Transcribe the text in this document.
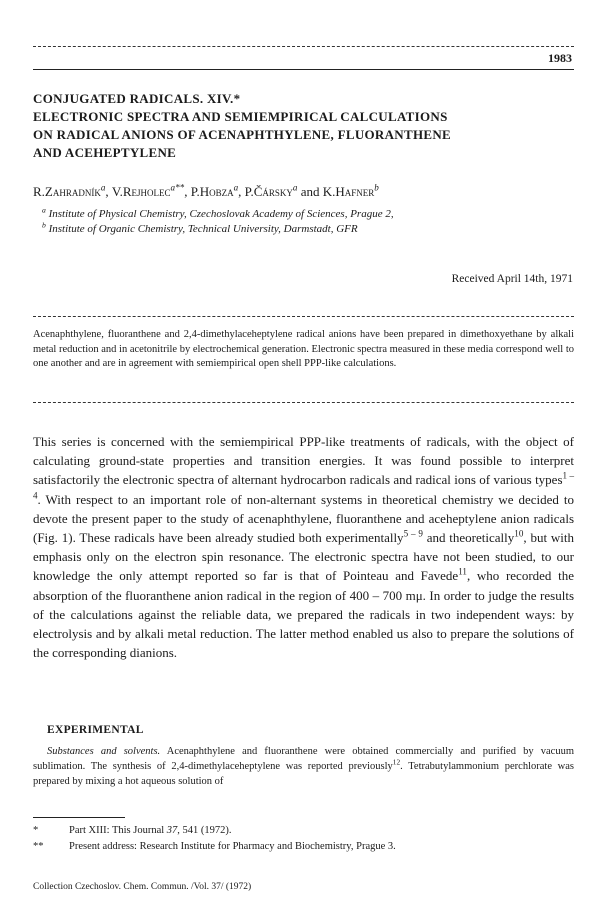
1983
CONJUGATED RADICALS. XIV.*
ELECTRONIC SPECTRA AND SEMIEMPIRICAL CALCULATIONS
ON RADICAL ANIONS OF ACENAPHTHYLENE, FLUORANTHENE
AND ACEHEPTYLENE
R.Zahradník$^a$, V.Rejholec$^{a**}$, P.Hobza$^a$, P.Čársky$^a$ and K.Hafner$^b$
$^a$ Institute of Physical Chemistry, Czechoslovak Academy of Sciences, Prague 2,
$^b$ Institute of Organic Chemistry, Technical University, Darmstadt, GFR
Received April 14th, 1971
Acenaphthylene, fluoranthene and 2,4-dimethylaceheptylene radical anions have been prepared in dimethoxyethane by alkali metal reduction and in acetonitrile by electrochemical generation. Electronic spectra measured in these media correspond well to one another and are in agreement with semiempirical open shell PPP-like calculations.

This series is concerned with the semiempirical PPP-like treatments of radicals, with the object of calculating ground-state properties and transition energies. It was found possible to interpret satisfactorily the electronic spectra of alternant hydrocarbon radicals and radical ions of various types$^{1 - 4}$. With respect to an important role of non-alternant systems in theoretical chemistry we decided to devote the present paper to the study of acenaphthylene, fluoranthene and aceheptylene anion radicals (Fig. 1). These radicals have been already studied both experimentally$^{5 - 9}$ and theoretically$^{10}$, but with emphasis only on the electron spin resonance. The electronic spectra have not been studied, to our knowledge the only attempt reported so far is that of Pointeau and Favede$^{11}$, who recorded the absorption of the fluoranthene anion radical in the region of 400 – 700 mμ. In order to judge the results of the calculations against the reliable data, we prepared the radicals in two independent ways: by electrolysis and by alkali metal reduction. The latter method enabled us also to prepare the solutions of the corresponding dianions.

EXPERIMENTAL
Substances and solvents. Acenaphthylene and fluoranthene were obtained commercially and purified by vacuum sublimation. The synthesis of 2,4-dimethylaceheptylene was reported previously$^{12}$. Tetrabutylammonium perchlorate was prepared by mixing a hot aqueous solution of
*	Part XIII: This Journal 37, 541 (1972).
** Present address: Research Institute for Pharmacy and Biochemistry, Prague 3.
Collection Czechoslov. Chem. Commun. /Vol. 37/ (1972)
